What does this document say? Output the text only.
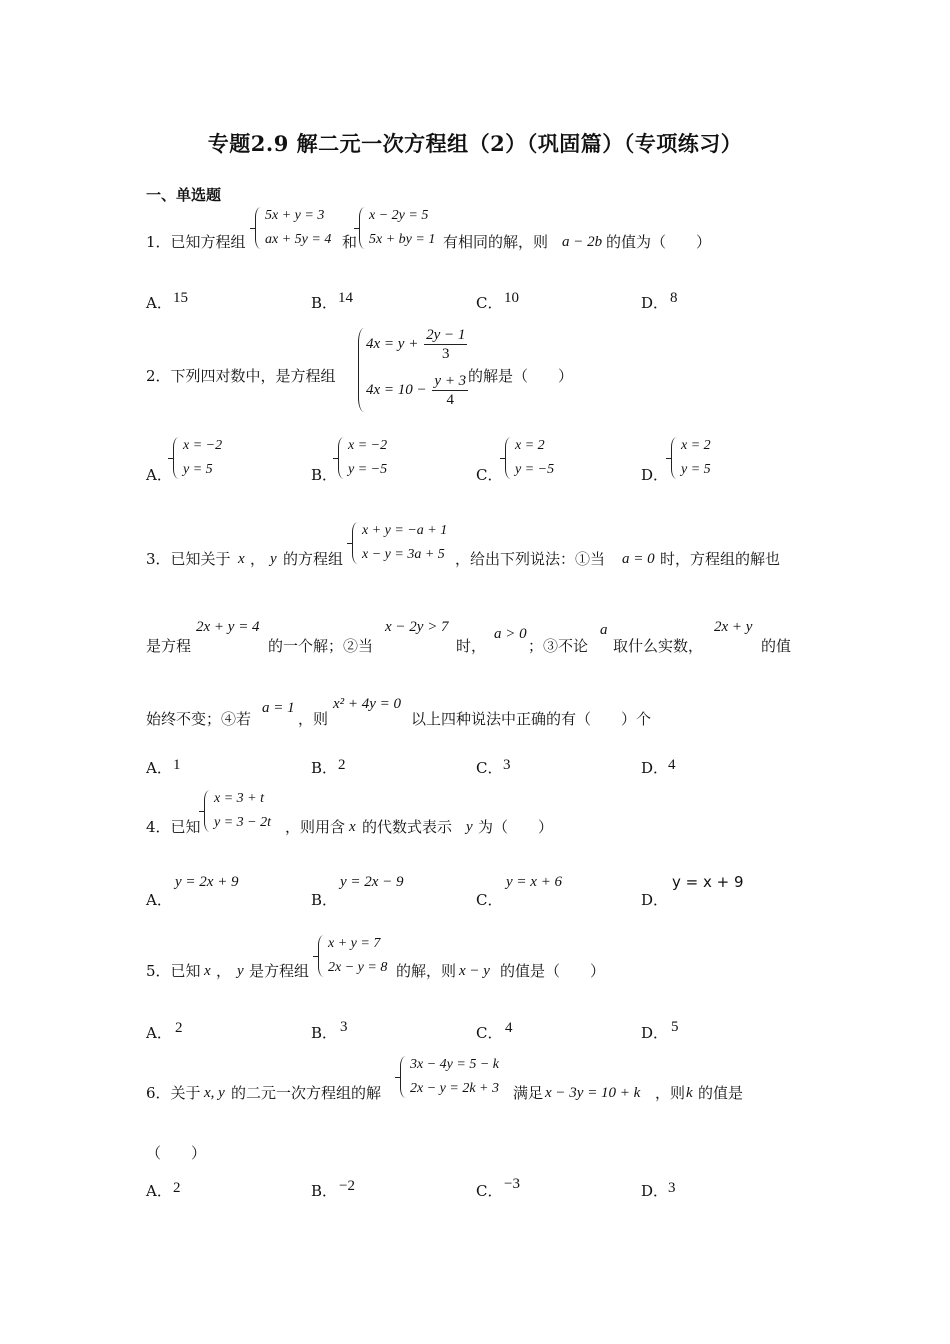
专题2.9 解二元一次方程组（2）（巩固篇）（专项练习）
一、单选题
1．已知方程组
5x + y = 3
ax + 5y = 4 和
x − 2y = 5
5x + by = 1 有相同的解，则 a − 2b 的值为（　　）
A． 15	B． 14	C． 10	D． 8
2．下列四对数中，是方程组
$4x = y + \frac{2y - 1}{3}$
$4x = 10 - \frac{y + 3}{4}$ 的解是（　　）
A．
x = −2
y = 5	B．
x = −2
y = −5	C．
x = 2
y = −5	D．
x = 2
y = 5
3．已知关于 x ， y 的方程组
x + y = −a + 1
x − y = 3a + 5 ，给出下列说法：①当 a = 0 时，方程组的解也
是方程
2x + y = 4
的一个解；②当
x − 2y > 7
时，
a > 0
；③不论
a
取什么实数，
2x + y
的值
始终不变；④若
a = 1
，则
x² + 4y = 0
以上四种说法中正确的有（　　）个
A． 1	B． 2	C． 3	D． 4
4．已知
x = 3 + t
y = 3 − 2t ，则用含 x 的代数式表示 y 为（　　）
A．
y = 2x + 9
B．
y = 2x − 9
C．
y = x + 6
D．
y = x + 9
5．已知 x ， y 是方程组
x + y = 7
2x − y = 8 的解，则 x − y 的值是（　　）
A． 2	B． 3	C． 4	D． 5
6．关于 x, y 的二元一次方程组的解
3x − 4y = 5 − k
2x − y = 2k + 3 满足 x − 3y = 10 + k ，则 k 的值是
（　　）
A． 2	B． −2	C． −3	D． 3
